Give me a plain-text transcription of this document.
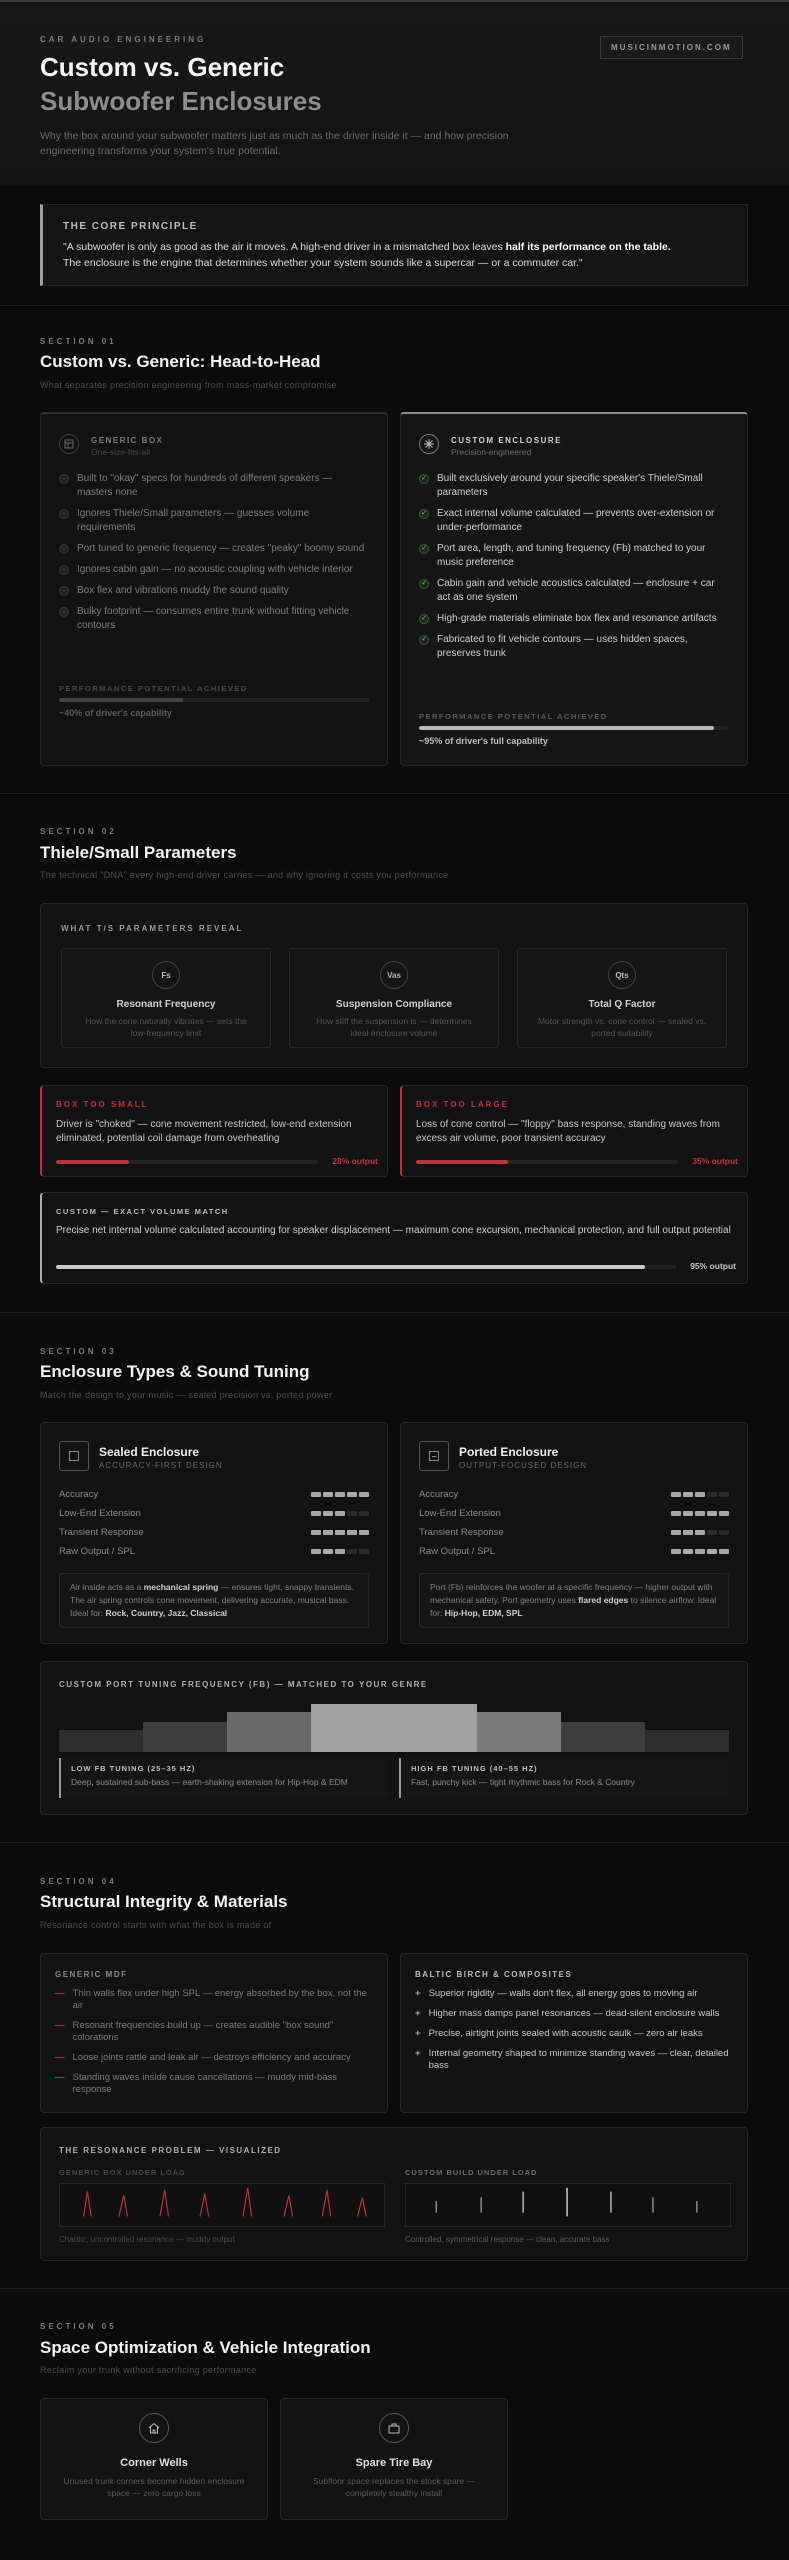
CAR AUDIO ENGINEERING
Custom vs. Generic
Subwoofer Enclosures
Why the box around your subwoofer matters just as much as the driver inside it — and how precision engineering transforms your system's true potential.
MUSICINMOTION.COM
THE CORE PRINCIPLE
"A subwoofer is only as good as the air it moves. A high-end driver in a mismatched box leaves half its performance on the table.
The enclosure is the engine that determines whether your system sounds like a supercar — or a commuter car."
SECTION 01
Custom vs. Generic: Head-to-Head
What separates precision engineering from mass-market compromise
GENERIC BOX
One-size-fits-all
–	Built to "okay" specs for hundreds of different speakers — masters none
–	Ignores Thiele/Small parameters — guesses volume requirements
–	Port tuned to generic frequency — creates "peaky" boomy sound
–	Ignores cabin gain — no acoustic coupling with vehicle interior
–	Box flex and vibrations muddy the sound quality
–	Bulky footprint — consumes entire trunk without fitting vehicle contours
PERFORMANCE POTENTIAL ACHIEVED
~40% of driver's capability
CUSTOM ENCLOSURE
Precision-engineered
✓ Built exclusively around your specific speaker's Thiele/Small parameters
✓ Exact internal volume calculated — prevents over-extension or under-performance
✓ Port area, length, and tuning frequency (Fb) matched to your music preference
✓ Cabin gain and vehicle acoustics calculated — enclosure + car act as one system
✓ High-grade materials eliminate box flex and resonance artifacts
✓ Fabricated to fit vehicle contours — uses hidden spaces, preserves trunk
PERFORMANCE POTENTIAL ACHIEVED
~95% of driver's full capability
SECTION 02
Thiele/Small Parameters
The technical "DNA" every high-end driver carries — and why ignoring it costs you performance
WHAT T/S PARAMETERS REVEAL
Fs
Resonant Frequency
How the cone naturally vibrates — sets the low-frequency limit
Vas
Suspension Compliance
How stiff the suspension is — determines ideal enclosure volume
Qts
Total Q Factor
Motor strength vs. cone control — sealed vs. ported suitability
BOX TOO SMALL
Driver is "choked" — cone movement restricted, low-end extension eliminated, potential coil damage from overheating
28% output
BOX TOO LARGE
Loss of cone control — "floppy" bass response, standing waves from excess air volume, poor transient accuracy
35% output
CUSTOM — EXACT VOLUME MATCH
Precise net internal volume calculated accounting for speaker displacement — maximum cone excursion, mechanical protection, and full output potential
95% output
SECTION 03
Enclosure Types & Sound Tuning
Match the design to your music — sealed precision vs. ported power
Sealed Enclosure
ACCURACY-FIRST DESIGN
Accuracy
Low-End Extension
Transient Response
Raw Output / SPL
Air inside acts as a mechanical spring — ensures tight, snappy transients. The air spring controls cone movement, delivering accurate, musical bass. Ideal for: Rock, Country, Jazz, Classical
Ported Enclosure
OUTPUT-FOCUSED DESIGN
Accuracy
Low-End Extension
Transient Response
Raw Output / SPL
Port (Fb) reinforces the woofer at a specific frequency — higher output with mechanical safety. Port geometry uses flared edges to silence airflow. Ideal for: Hip-Hop, EDM, SPL
CUSTOM PORT TUNING FREQUENCY (FB) — MATCHED TO YOUR GENRE
LOW FB TUNING (25–35 HZ)
Deep, sustained sub-bass — earth-shaking extension for Hip-Hop & EDM
HIGH FB TUNING (40–55 HZ)
Fast, punchy kick — tight rhythmic bass for Rock & Country
SECTION 04
Structural Integrity & Materials
Resonance control starts with what the box is made of
GENERIC MDF
— Thin walls flex under high SPL — energy absorbed by the box, not the air
— Resonant frequencies build up — creates audible "box sound" colorations
— Loose joints rattle and leak air — destroys efficiency and accuracy
— Standing waves inside cause cancellations — muddy mid-bass response
BALTIC BIRCH & COMPOSITES
+ Superior rigidity — walls don't flex, all energy goes to moving air
+ Higher mass damps panel resonances — dead-silent enclosure walls
+ Precise, airtight joints sealed with acoustic caulk — zero air leaks
+ Internal geometry shaped to minimize standing waves — clear, detailed bass
THE RESONANCE PROBLEM — VISUALIZED
GENERIC BOX UNDER LOAD
Chaotic, uncontrolled resonance — muddy output
CUSTOM BUILD UNDER LOAD
Controlled, symmetrical response — clean, accurate bass
SECTION 05
Space Optimization & Vehicle Integration
Reclaim your trunk without sacrificing performance
Corner Wells
Unused trunk corners become hidden enclosure space — zero cargo loss
Spare Tire Bay
Subfloor space replaces the stock spare — completely stealthy install
